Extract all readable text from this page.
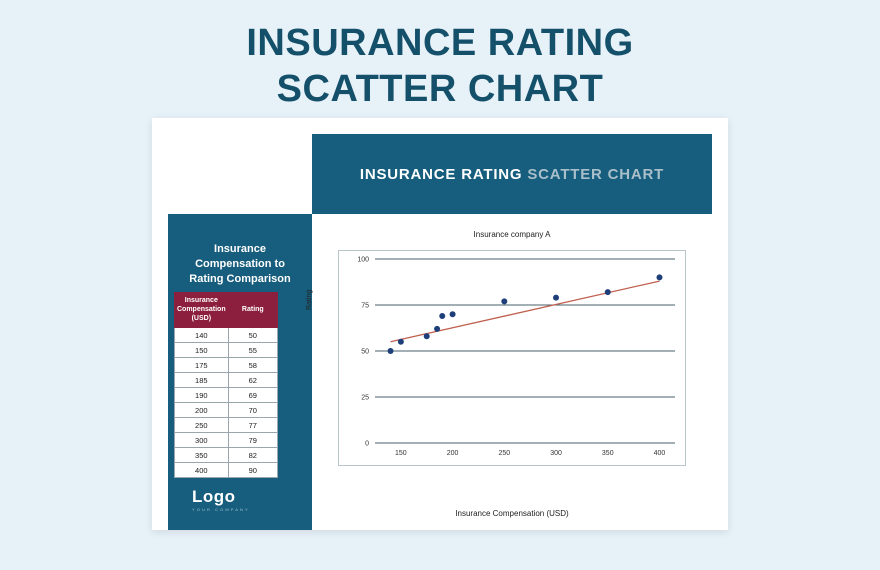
INSURANCE RATING
SCATTER CHART
Insurance Compensation to Rating Comparison
Logo
YOUR COMPANY
Insurance Compensation (USD)	Rating
140	50
150	55
175	58
185	62
190	69
200	70
250	77
300	79
350	82
400	90
INSURANCE RATING SCATTER CHART
Insurance company A
Rating
0
25
50
75
100
150	200	250	300	350	400
Insurance Compensation (USD)
